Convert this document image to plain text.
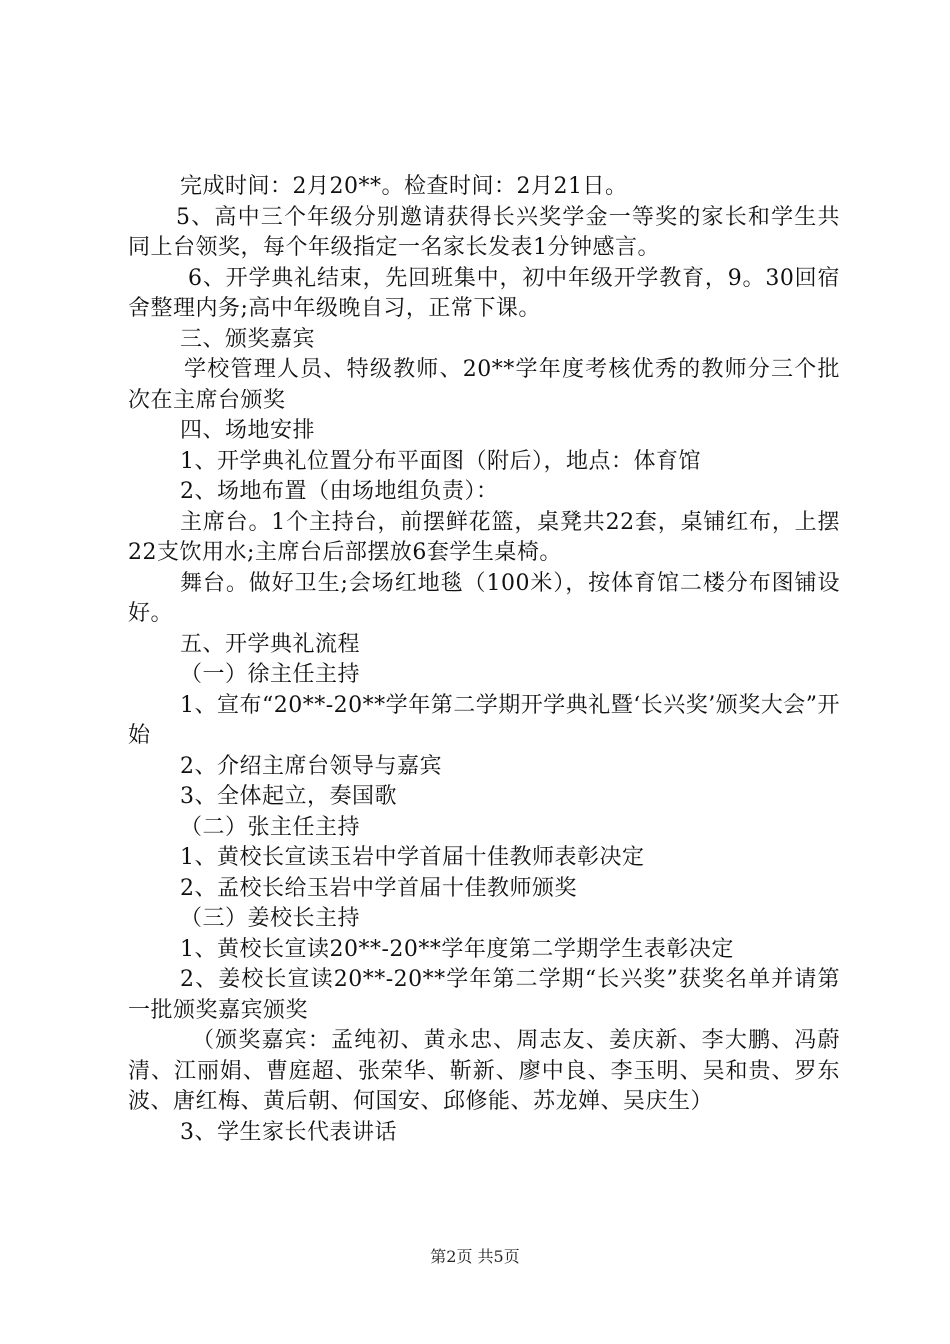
完成时间：2月20**。检查时间：2月21日。

5、高中三个年级分别邀请获得长兴奖学金一等奖的家长和学生共同上台领奖，每个年级指定一名家长发表1分钟感言。

6、开学典礼结束，先回班集中，初中年级开学教育，9。30回宿舍整理内务;高中年级晚自习，正常下课。

三、颁奖嘉宾

学校管理人员、特级教师、20**学年度考核优秀的教师分三个批次在主席台颁奖

四、场地安排

1、开学典礼位置分布平面图（附后），地点：体育馆

2、场地布置（由场地组负责）：

主席台。1个主持台，前摆鲜花篮，桌凳共22套，桌铺红布，上摆22支饮用水;主席台后部摆放6套学生桌椅。

舞台。做好卫生;会场红地毯（100米），按体育馆二楼分布图铺设好。

五、开学典礼流程

（一）徐主任主持

1、宣布“20**-20**学年第二学期开学典礼暨‘长兴奖’颁奖大会”开始

2、介绍主席台领导与嘉宾

3、全体起立，奏国歌

（二）张主任主持

1、黄校长宣读玉岩中学首届十佳教师表彰决定

2、孟校长给玉岩中学首届十佳教师颁奖

（三）姜校长主持

1、黄校长宣读20**-20**学年度第二学期学生表彰决定

2、姜校长宣读20**-20**学年第二学期“长兴奖”获奖名单并请第一批颁奖嘉宾颁奖

（颁奖嘉宾：孟纯初、黄永忠、周志友、姜庆新、李大鹏、冯蔚清、江丽娟、曹庭超、张荣华、靳新、廖中良、李玉明、吴和贵、罗东波、唐红梅、黄后朝、何国安、邱修能、苏龙婵、吴庆生）

3、学生家长代表讲话

第2页 共5页
